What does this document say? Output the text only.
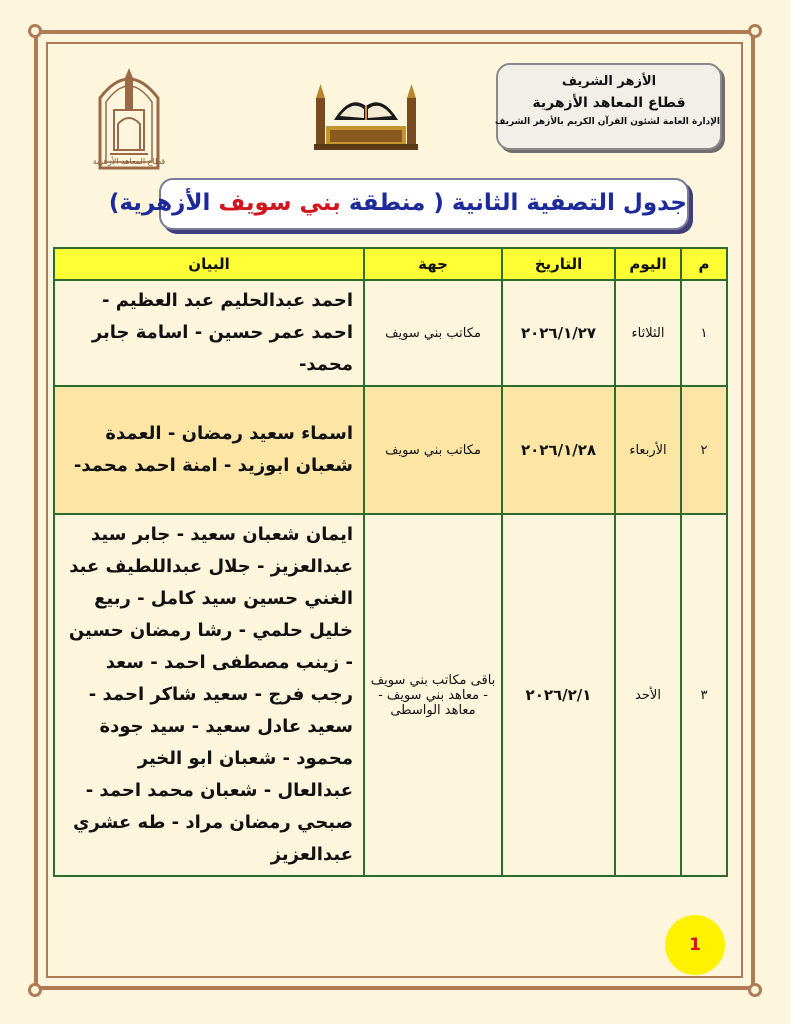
الأزهر الشريف
قطاع المعاهد الأزهرية
الإدارة العامة لشئون القرآن الكريم بالأزهر الشريف
قطاع المعاهد الأزهرية
جدول التصفية الثانية ( منطقة بني سويف الأزهرية)
م	اليوم	التاريخ	جهة	البيان
١	الثلاثاء	٢٠٢٦/١/٢٧	مكاتب بني سويف	احمد عبدالحليم عبد العظيم - احمد عمر حسين - اسامة جابر محمد-
٢	الأربعاء	٢٠٢٦/١/٢٨	مكاتب بني سويف	اسماء سعيد رمضان - العمدة شعبان ابوزيد - امنة احمد محمد-
٣	الأحد	٢٠٢٦/٢/١	باقى مكاتب بني سويف - معاهد بني سويف - معاهد الواسطى	ايمان شعبان سعيد - جابر سيد عبدالعزيز - جلال عبداللطيف عبد الغني حسين سيد كامل - ربيع خليل حلمي - رشا رمضان حسين - زينب مصطفى احمد - سعد رجب فرج - سعيد شاكر احمد - سعيد عادل سعيد - سيد جودة محمود - شعبان ابو الخير عبدالعال - شعبان محمد احمد - صبحي رمضان مراد - طه عشري عبدالعزيز
1
